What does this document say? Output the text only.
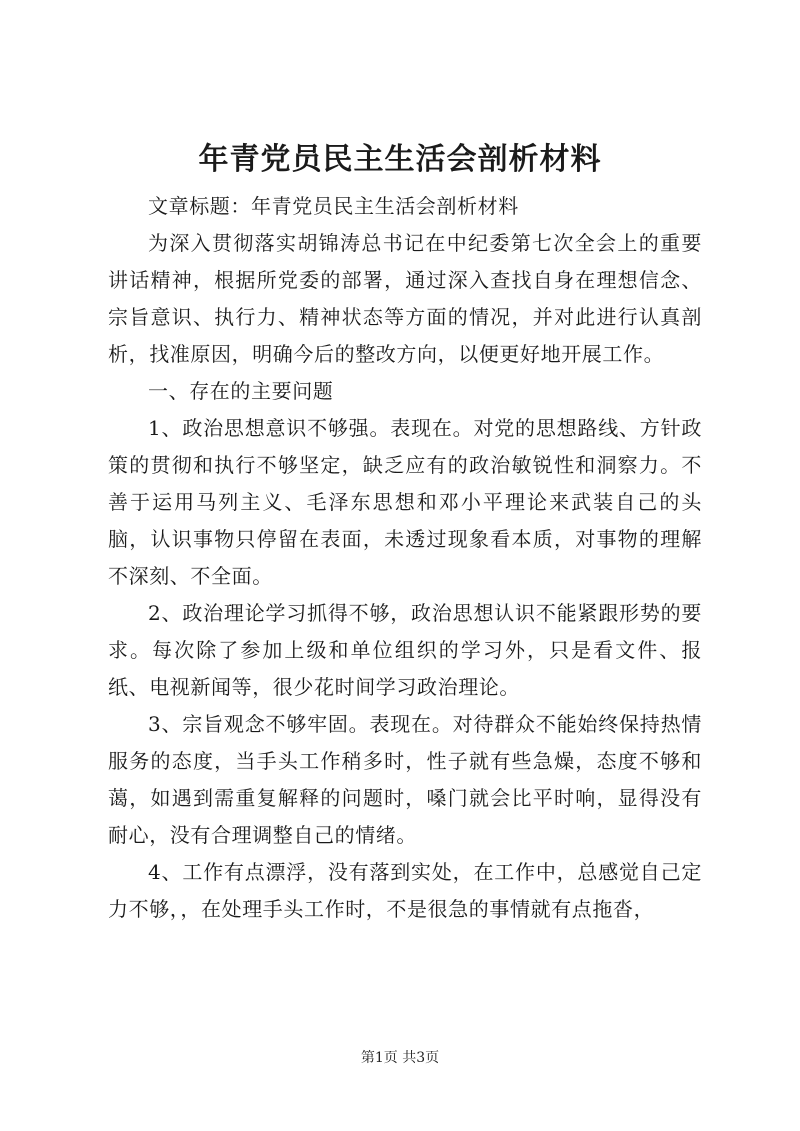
年青党员民主生活会剖析材料

文章标题：年青党员民主生活会剖析材料

为深入贯彻落实胡锦涛总书记在中纪委第七次全会上的重要讲话精神，根据所党委的部署，通过深入查找自身在理想信念、宗旨意识、执行力、精神状态等方面的情况，并对此进行认真剖析，找准原因，明确今后的整改方向，以便更好地开展工作。

一、存在的主要问题

1、政治思想意识不够强。表现在。对党的思想路线、方针政策的贯彻和执行不够坚定，缺乏应有的政治敏锐性和洞察力。不善于运用马列主义、毛泽东思想和邓小平理论来武装自己的头脑，认识事物只停留在表面，未透过现象看本质，对事物的理解不深刻、不全面。

2、政治理论学习抓得不够，政治思想认识不能紧跟形势的要求。每次除了参加上级和单位组织的学习外，只是看文件、报纸、电视新闻等，很少花时间学习政治理论。

3、宗旨观念不够牢固。表现在。对待群众不能始终保持热情服务的态度，当手头工作稍多时，性子就有些急燥，态度不够和蔼，如遇到需重复解释的问题时，嗓门就会比平时响，显得没有耐心，没有合理调整自己的情绪。

4、工作有点漂浮，没有落到实处，在工作中，总感觉自己定力不够，，在处理手头工作时，不是很急的事情就有点拖沓，

第1页 共3页
